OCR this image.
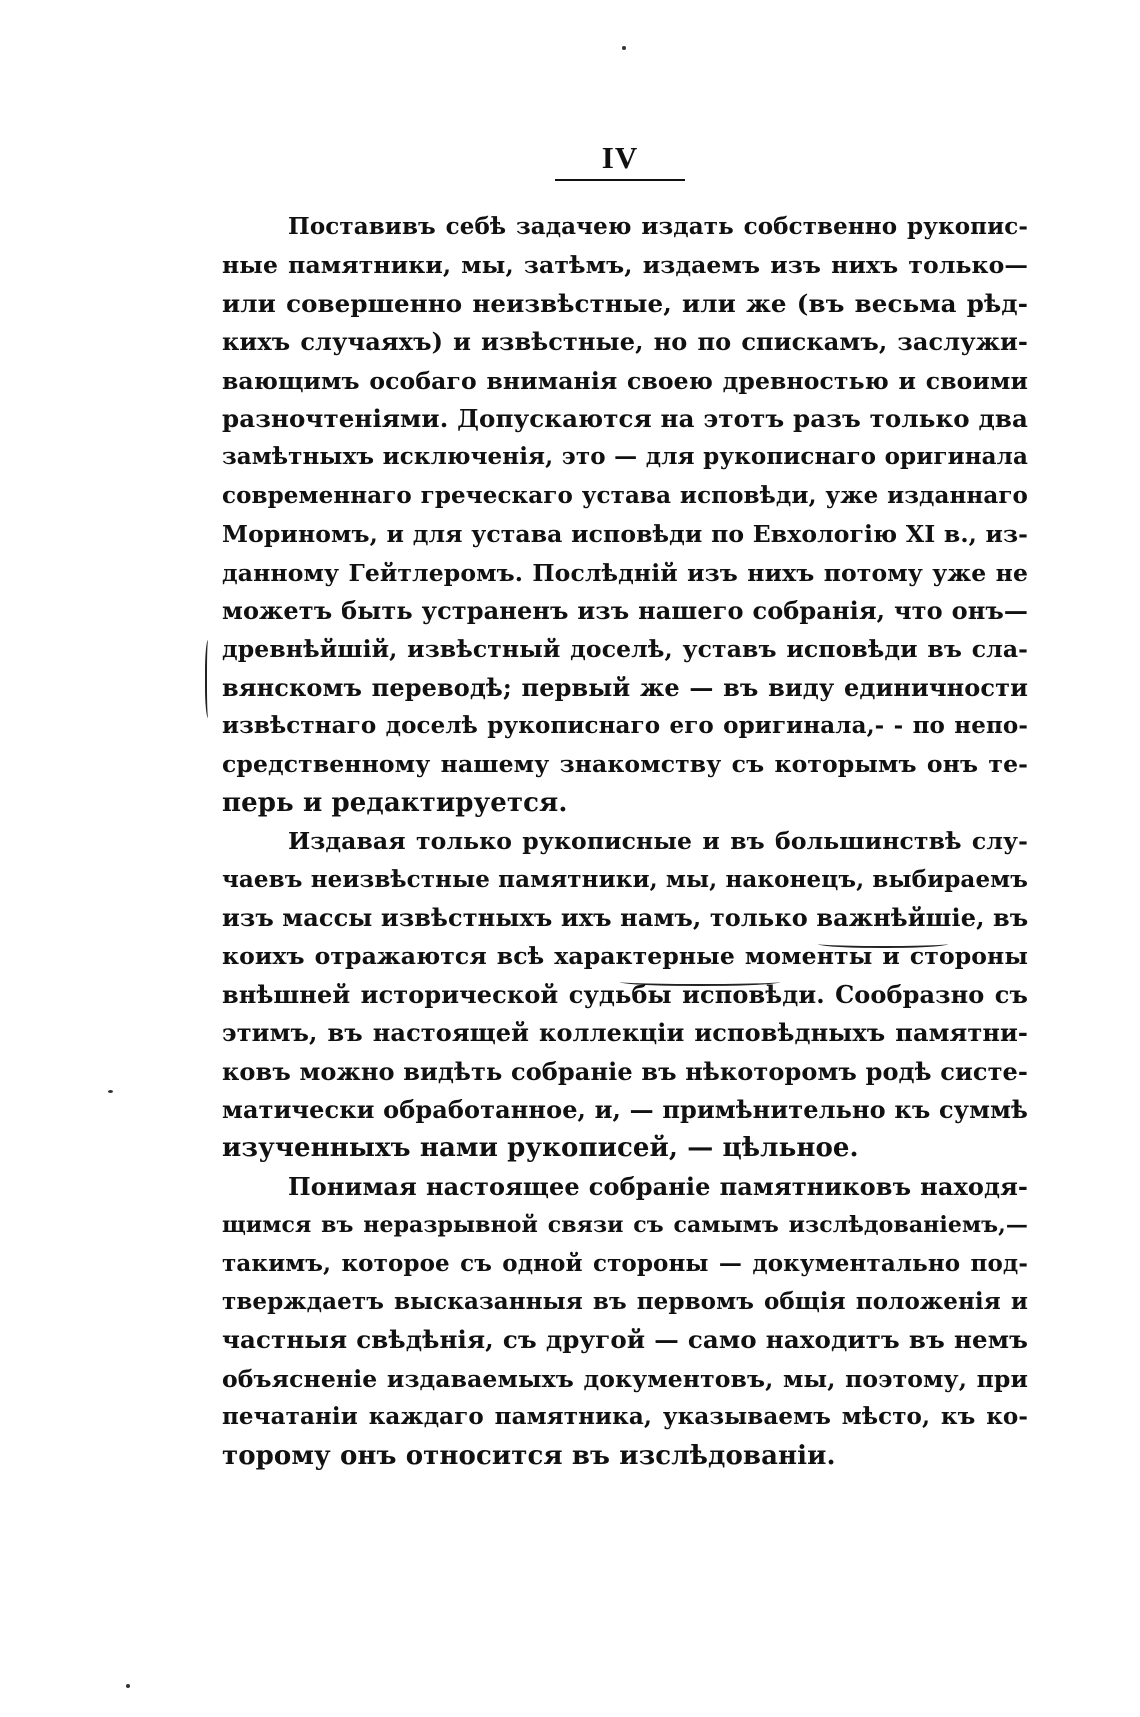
IV
Поставивъ себѣ задачею издать собственно рукопис-
ные памятники, мы, затѣмъ, издаемъ изъ нихъ только—
или совершенно неизвѣстные, или же (въ весьма рѣд-
кихъ случаяхъ) и извѣстные, но по спискамъ, заслужи-
вающимъ особаго вниманія своею древностью и своими
разночтеніями. Допускаются на этотъ разъ только два
замѣтныхъ исключенія, это — для рукописнаго оригинала
современнаго греческаго устава исповѣди, уже изданнаго
Мориномъ, и для устава исповѣди по Евхологію XI в., из-
данному Гейтлеромъ. Послѣдній изъ нихъ потому уже не
можетъ быть устраненъ изъ нашего собранія, что онъ—
древнѣйшій, извѣстный доселѣ, уставъ исповѣди въ сла-
вянскомъ переводѣ; первый же — въ виду единичности
извѣстнаго доселѣ рукописнаго его оригинала,- - по непо-
средственному нашему знакомству съ которымъ онъ те-
перь и редактируется.
Издавая только рукописные и въ большинствѣ слу-
чаевъ неизвѣстные памятники, мы, наконецъ, выбираемъ
изъ массы извѣстныхъ ихъ намъ, только важнѣйшіе, въ
коихъ отражаются всѣ характерные моменты и стороны
внѣшней исторической судьбы исповѣди. Сообразно съ
этимъ, въ настоящей коллекціи исповѣдныхъ памятни-
ковъ можно видѣть собраніе въ нѣкоторомъ родѣ систе-
матически обработанное, и, — примѣнительно къ суммѣ
изученныхъ нами рукописей, — цѣльное.
Понимая настоящее собраніе памятниковъ находя-
щимся въ неразрывной связи съ самымъ изслѣдованіемъ,—
такимъ, которое съ одной стороны — документально под-
тверждаетъ высказанныя въ первомъ общія положенія и
частныя свѣдѣнія, съ другой — само находитъ въ немъ
объясненіе издаваемыхъ документовъ, мы, поэтому, при
печатаніи каждаго памятника, указываемъ мѣсто, къ ко-
торому онъ относится въ изслѣдованіи.
